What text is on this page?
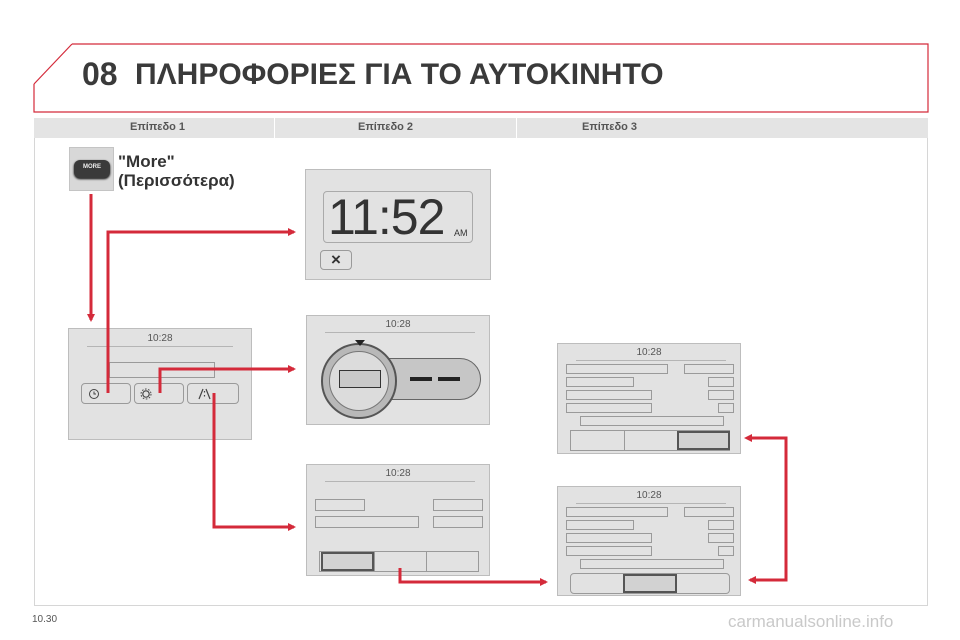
08 ΠΛΗΡΟΦΟΡΙΕΣ ΓΙΑ ΤΟ ΑΥΤΟΚΙΝΗΤΟ
Επίπεδο 1	Επίπεδο 2	Επίπεδο 3
MORE	"More"
(Περισσότερα)
10:28
11:52 AM
×
10:28
10:28
10:28
10:28
10.30	carmanualsonline.info
